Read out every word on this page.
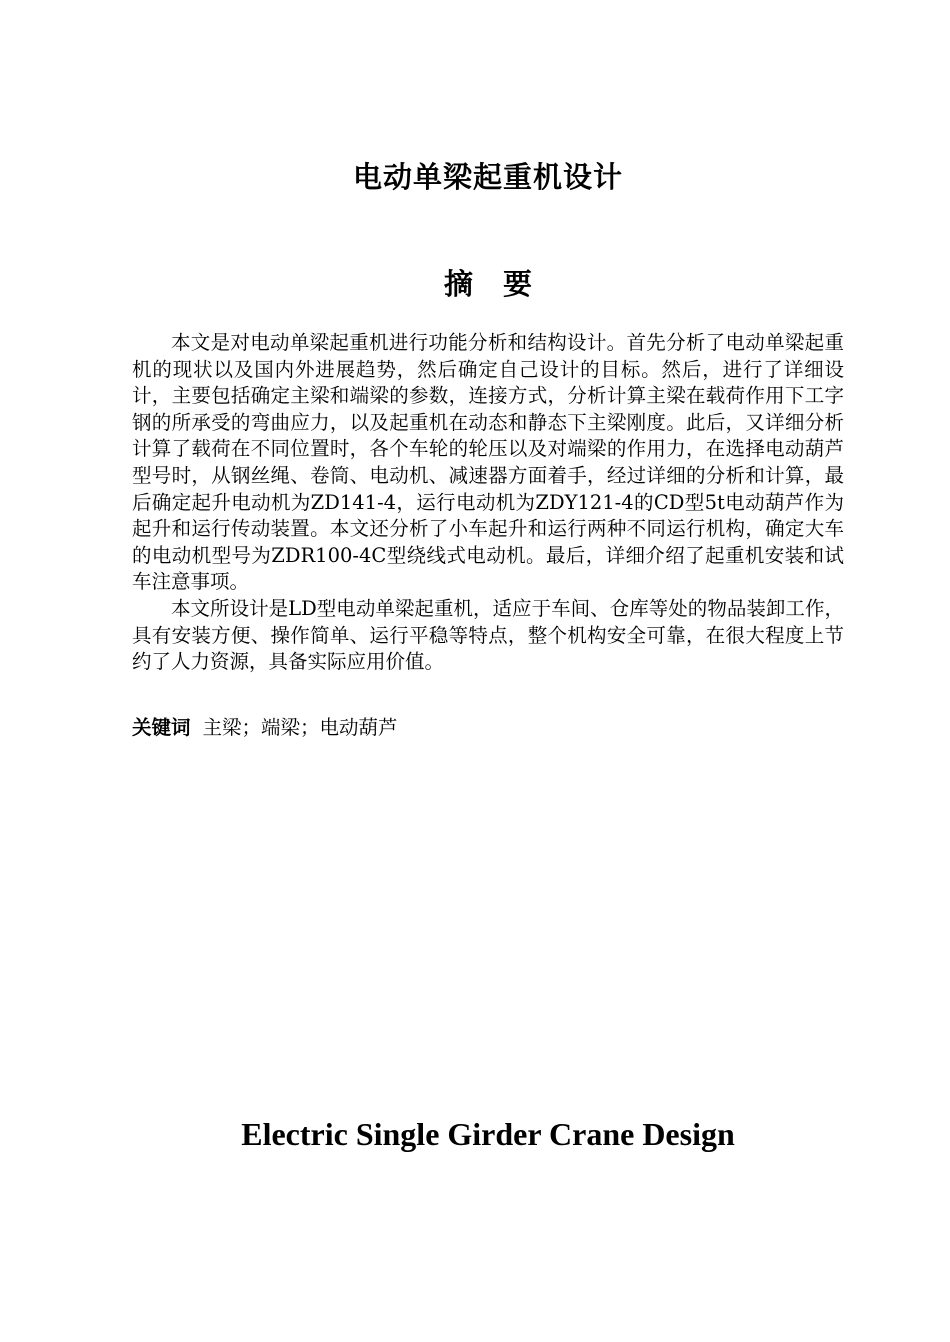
电动单梁起重机设计
摘 要

本文是对电动单梁起重机进行功能分析和结构设计。首先分析了电动单梁起重机的现状以及国内外进展趋势，然后确定自己设计的目标。然后，进行了详细设计，主要包括确定主梁和端梁的参数，连接方式，分析计算主梁在载荷作用下工字钢的所承受的弯曲应力，以及起重机在动态和静态下主梁刚度。此后，又详细分析计算了载荷在不同位置时，各个车轮的轮压以及对端梁的作用力，在选择电动葫芦型号时，从钢丝绳、卷筒、电动机、减速器方面着手，经过详细的分析和计算，最后确定起升电动机为ZD141-4，运行电动机为ZDY121-4的CD型5t电动葫芦作为起升和运行传动装置。本文还分析了小车起升和运行两种不同运行机构，确定大车的电动机型号为ZDR100-4C型绕线式电动机。最后，详细介绍了起重机安装和试车注意事项。

本文所设计是LD型电动单梁起重机，适应于车间、仓库等处的物品装卸工作，具有安装方便、操作简单、运行平稳等特点，整个机构安全可靠，在很大程度上节约了人力资源，具备实际应用价值。

关键词 主梁；端梁；电动葫芦
Electric Single Girder Crane Design
